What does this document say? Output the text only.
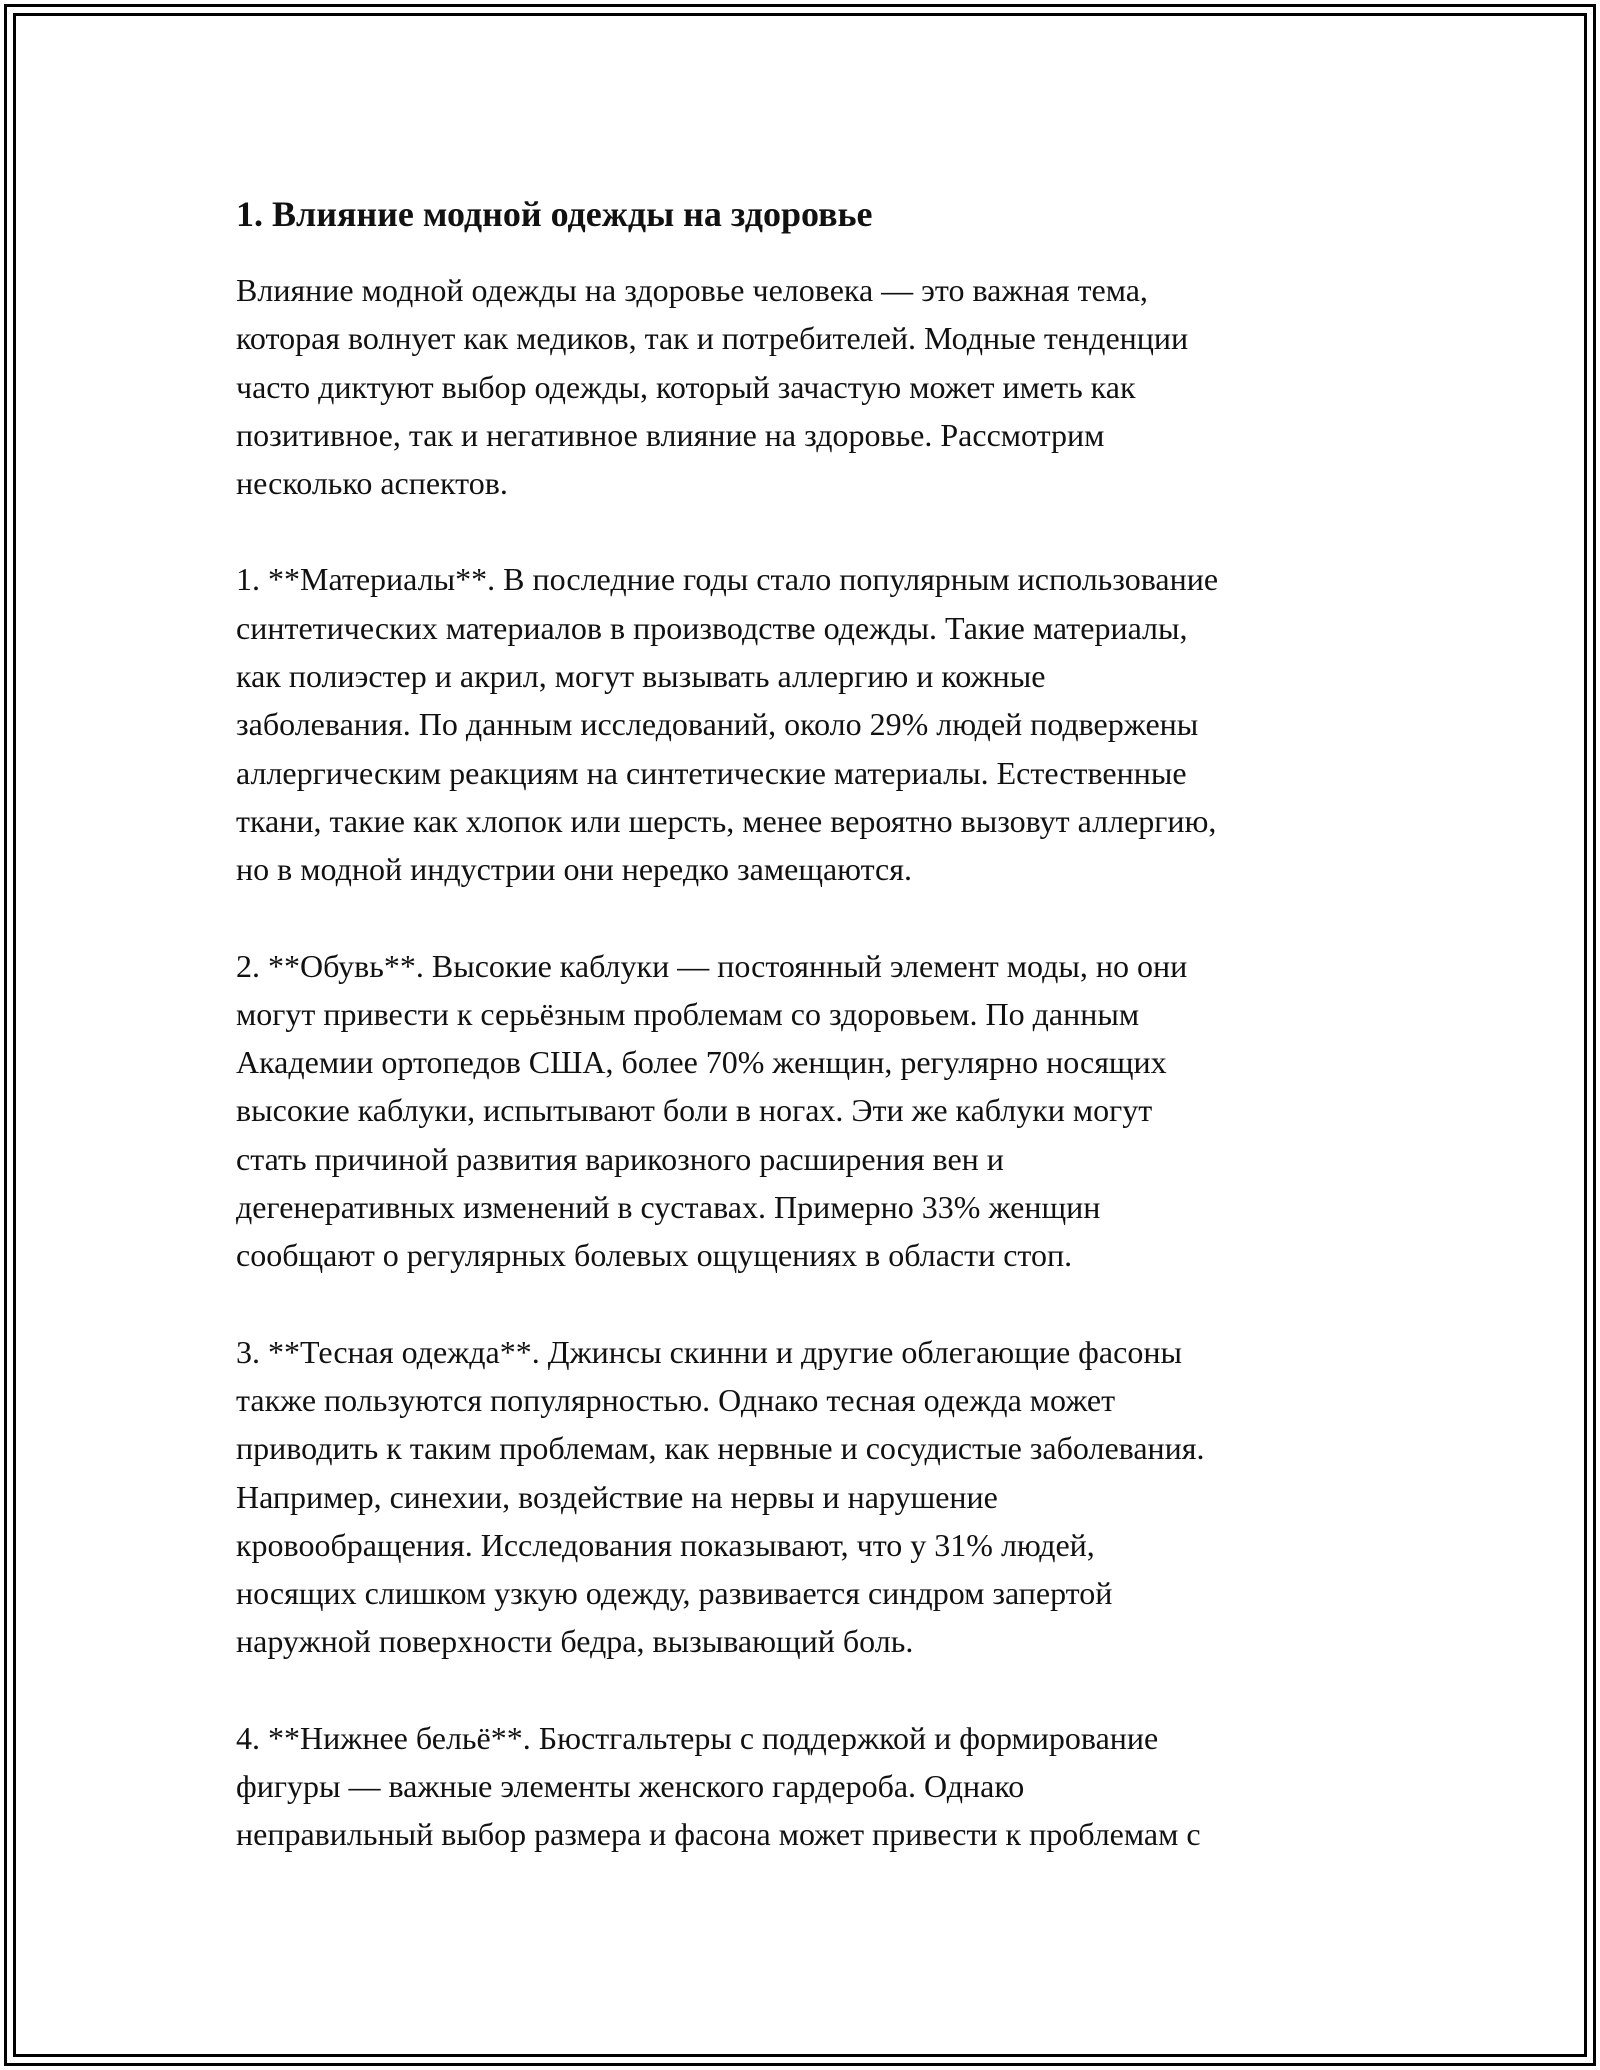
1. Влияние модной одежды на здоровье

Влияние модной одежды на здоровье человека — это важная тема,
которая волнует как медиков, так и потребителей. Модные тенденции
часто диктуют выбор одежды, который зачастую может иметь как
позитивное, так и негативное влияние на здоровье. Рассмотрим
несколько аспектов.

1. **Материалы**. В последние годы стало популярным использование
синтетических материалов в производстве одежды. Такие материалы,
как полиэстер и акрил, могут вызывать аллергию и кожные
заболевания. По данным исследований, около 29% людей подвержены
аллергическим реакциям на синтетические материалы. Естественные
ткани, такие как хлопок или шерсть, менее вероятно вызовут аллергию,
но в модной индустрии они нередко замещаются.

2. **Обувь**. Высокие каблуки — постоянный элемент моды, но они
могут привести к серьёзным проблемам со здоровьем. По данным
Академии ортопедов США, более 70% женщин, регулярно носящих
высокие каблуки, испытывают боли в ногах. Эти же каблуки могут
стать причиной развития варикозного расширения вен и
дегенеративных изменений в суставах. Примерно 33% женщин
сообщают о регулярных болевых ощущениях в области стоп.

3. **Тесная одежда**. Джинсы скинни и другие облегающие фасоны
также пользуются популярностью. Однако тесная одежда может
приводить к таким проблемам, как нервные и сосудистые заболевания.
Например, синехии, воздействие на нервы и нарушение
кровообращения. Исследования показывают, что у 31% людей,
носящих слишком узкую одежду, развивается синдром запертой
наружной поверхности бедра, вызывающий боль.

4. **Нижнее бельё**. Бюстгальтеры с поддержкой и формирование
фигуры — важные элементы женского гардероба. Однако
неправильный выбор размера и фасона может привести к проблемам с
